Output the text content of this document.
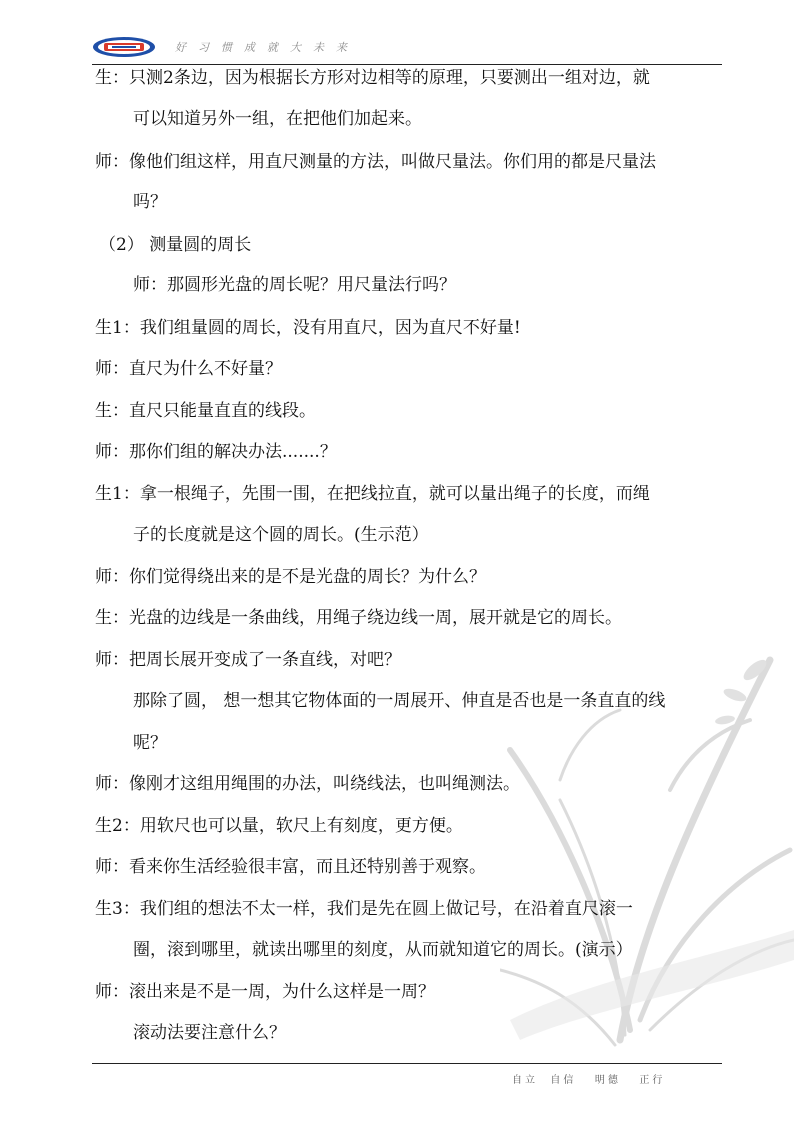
好习惯成就大未来
生：只测2条边，因为根据长方形对边相等的原理，只要测出一组对边，就
可以知道另外一组，在把他们加起来。
师：像他们组这样，用直尺测量的方法，叫做尺量法。你们用的都是尺量法
吗？
（2） 测量圆的周长
师：那圆形光盘的周长呢？用尺量法行吗？
生1：我们组量圆的周长，没有用直尺，因为直尺不好量!
师：直尺为什么不好量？
生：直尺只能量直直的线段。
师：那你们组的解决办法.......？
生1：拿一根绳子，先围一围，在把线拉直，就可以量出绳子的长度，而绳
子的长度就是这个圆的周长。(生示范）
师：你们觉得绕出来的是不是光盘的周长？为什么？
生：光盘的边线是一条曲线，用绳子绕边线一周，展开就是它的周长。
师：把周长展开变成了一条直线，对吧？
那除了圆， 想一想其它物体面的一周展开、伸直是否也是一条直直的线
呢？
师：像刚才这组用绳围的办法，叫绕线法，也叫绳测法。
生2：用软尺也可以量，软尺上有刻度，更方便。
师：看来你生活经验很丰富，而且还特别善于观察。
生3：我们组的想法不太一样，我们是先在圆上做记号，在沿着直尺滚一
圈，滚到哪里，就读出哪里的刻度，从而就知道它的周长。(演示）
师：滚出来是不是一周，为什么这样是一周？
滚动法要注意什么？
自立  自信   明德   正行
